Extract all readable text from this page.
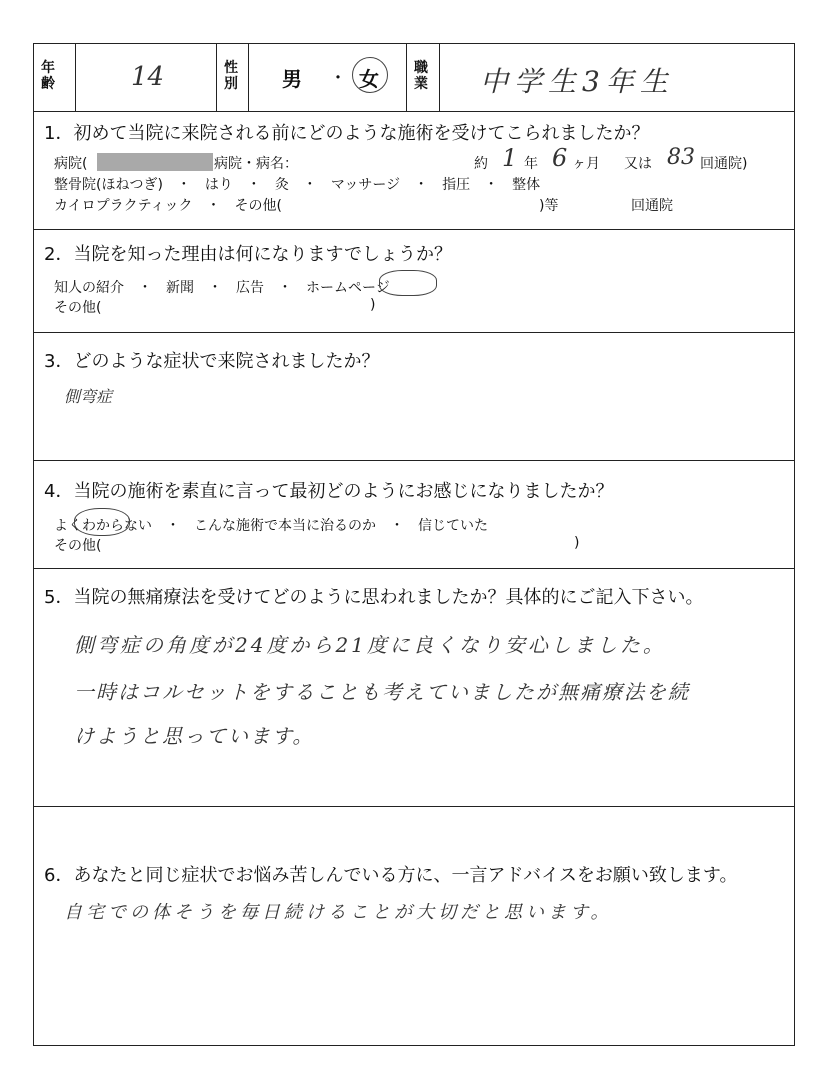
年齢	14	性別 男 ・ 女	職業 中学生3年生
1．初めて当院に来院される前にどのような施術を受けてこられましたか？
病院(	病院・病名：	約 1 年 6 ヶ月 又は 83 回通院)
整骨院(ほねつぎ)　・　はり　・　灸　・　マッサージ　・　指圧　・　整体
カイロプラクティック　・　その他(	)等	回通院
2．当院を知った理由は何になりますでしょうか？
知人の紹介　・　新聞　・　広告　・　ホームページ
その他(	)
3．どのような症状で来院されましたか？
側弯症
4．当院の施術を素直に言って最初どのようにお感じになりましたか？
よくわからない　・　こんな施術で本当に治るのか　・　信じていた
その他(	)
5．当院の無痛療法を受けてどのように思われましたか？具体的にご記入下さい。
側弯症の角度が24度から21度に良くなり安心しました。
一時はコルセットをすることも考えていましたが無痛療法を続
けようと思っています。
6．あなたと同じ症状でお悩み苦しんでいる方に、一言アドバイスをお願い致します。
自宅での体そうを毎日続けることが大切だと思います。
